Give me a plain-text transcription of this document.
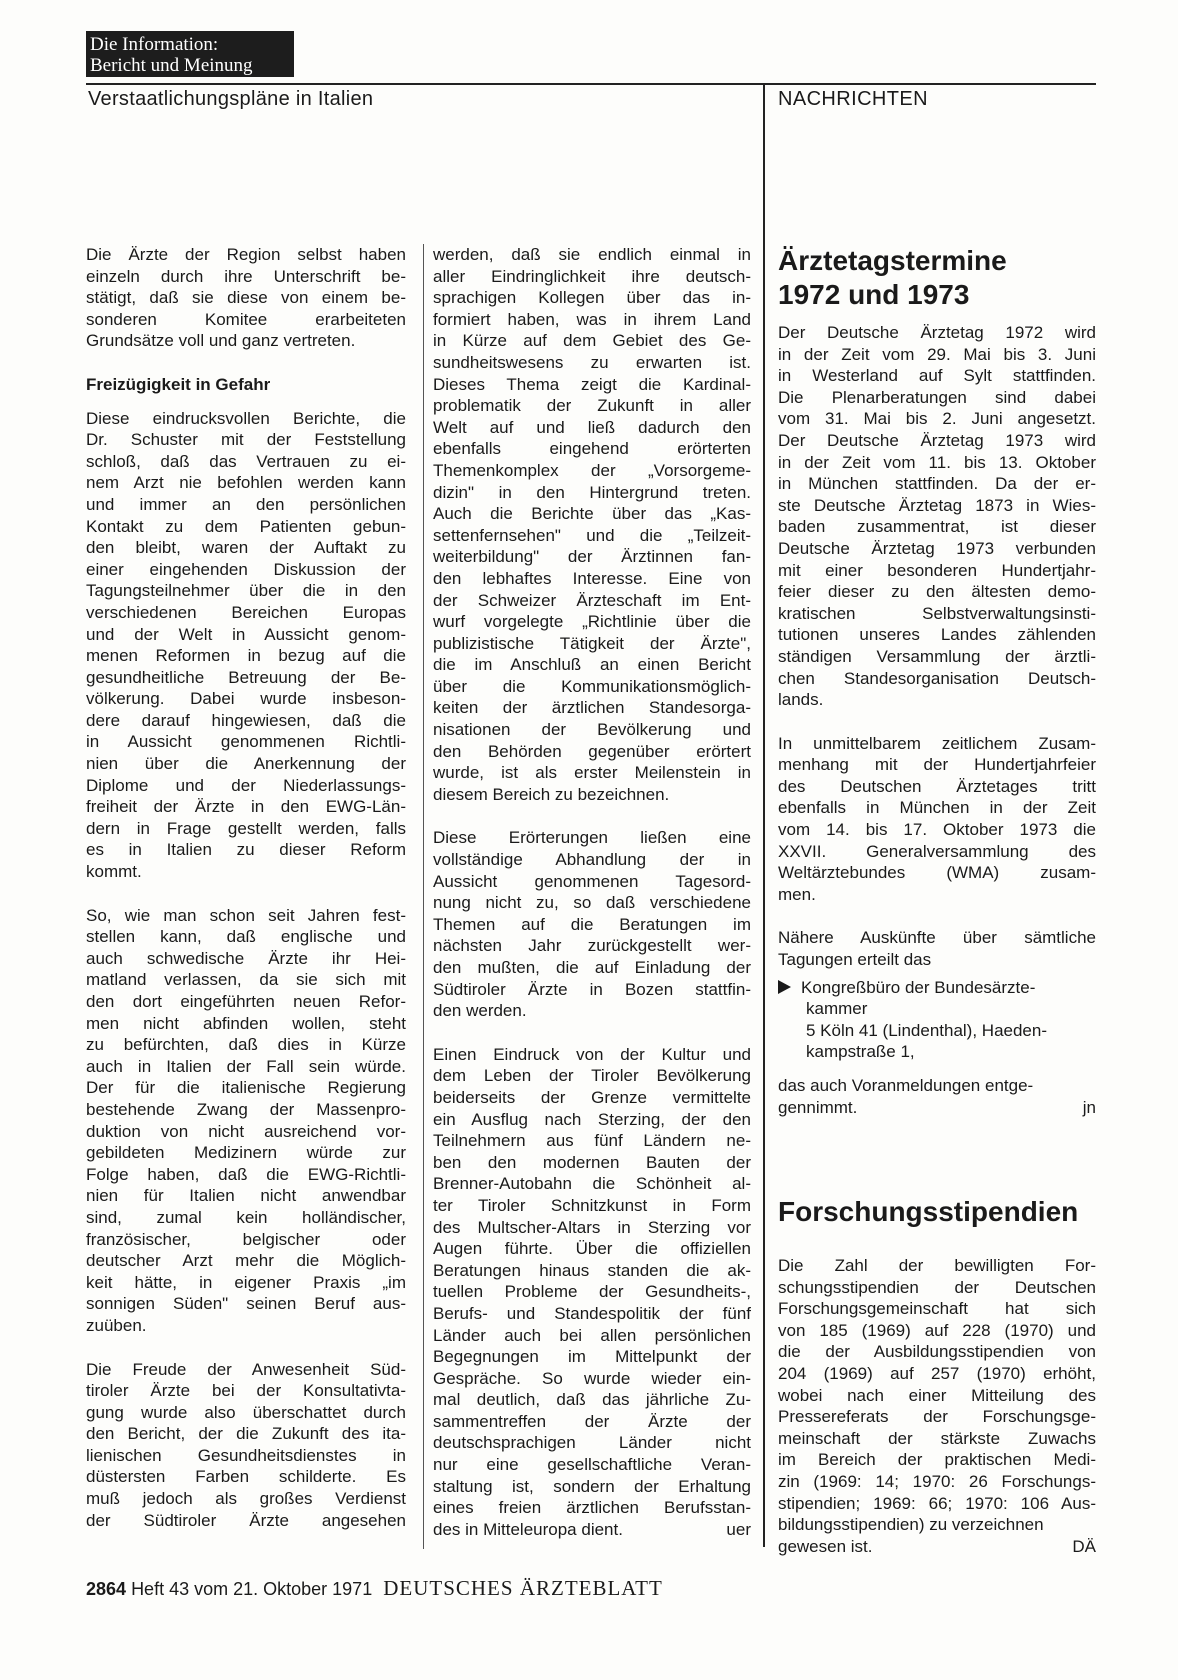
Die Information:
Bericht und Meinung
Verstaatlichungspläne in Italien	NACHRICHTEN
Die Ärzte der Region selbst haben
einzeln durch ihre Unterschrift be-
stätigt, daß sie diese von einem be-
sonderen Komitee erarbeiteten
Grundsätze voll und ganz vertreten.
Freizügigkeit in Gefahr
Diese eindrucksvollen Berichte, die
Dr. Schuster mit der Feststellung
schloß, daß das Vertrauen zu ei-
nem Arzt nie befohlen werden kann
und immer an den persönlichen
Kontakt zu dem Patienten gebun-
den bleibt, waren der Auftakt zu
einer eingehenden Diskussion der
Tagungsteilnehmer über die in den
verschiedenen Bereichen Europas
und der Welt in Aussicht genom-
menen Reformen in bezug auf die
gesundheitliche Betreuung der Be-
völkerung. Dabei wurde insbeson-
dere darauf hingewiesen, daß die
in Aussicht genommenen Richtli-
nien über die Anerkennung der
Diplome und der Niederlassungs-
freiheit der Ärzte in den EWG-Län-
dern in Frage gestellt werden, falls
es in Italien zu dieser Reform
kommt.
So, wie man schon seit Jahren fest-
stellen kann, daß englische und
auch schwedische Ärzte ihr Hei-
matland verlassen, da sie sich mit
den dort eingeführten neuen Refor-
men nicht abfinden wollen, steht
zu befürchten, daß dies in Kürze
auch in Italien der Fall sein würde.
Der für die italienische Regierung
bestehende Zwang der Massenpro-
duktion von nicht ausreichend vor-
gebildeten Medizinern würde zur
Folge haben, daß die EWG-Richtli-
nien für Italien nicht anwendbar
sind, zumal kein holländischer,
französischer, belgischer oder
deutscher Arzt mehr die Möglich-
keit hätte, in eigener Praxis „im
sonnigen Süden" seinen Beruf aus-
zuüben.
Die Freude der Anwesenheit Süd-
tiroler Ärzte bei der Konsultativta-
gung wurde also überschattet durch
den Bericht, der die Zukunft des ita-
lienischen Gesundheitsdienstes in
düstersten Farben schilderte. Es
muß jedoch als großes Verdienst
der Südtiroler Ärzte angesehen
werden, daß sie endlich einmal in
aller Eindringlichkeit ihre deutsch-
sprachigen Kollegen über das in-
formiert haben, was in ihrem Land
in Kürze auf dem Gebiet des Ge-
sundheitswesens zu erwarten ist.
Dieses Thema zeigt die Kardinal-
problematik der Zukunft in aller
Welt auf und ließ dadurch den
ebenfalls eingehend erörterten
Themenkomplex der „Vorsorgeme-
dizin" in den Hintergrund treten.
Auch die Berichte über das „Kas-
settenfernsehen" und die „Teilzeit-
weiterbildung" der Ärztinnen fan-
den lebhaftes Interesse. Eine von
der Schweizer Ärzteschaft im Ent-
wurf vorgelegte „Richtlinie über die
publizistische Tätigkeit der Ärzte",
die im Anschluß an einen Bericht
über die Kommunikationsmöglich-
keiten der ärztlichen Standesorga-
nisationen der Bevölkerung und
den Behörden gegenüber erörtert
wurde, ist als erster Meilenstein in
diesem Bereich zu bezeichnen.
Diese Erörterungen ließen eine
vollständige Abhandlung der in
Aussicht genommenen Tagesord-
nung nicht zu, so daß verschiedene
Themen auf die Beratungen im
nächsten Jahr zurückgestellt wer-
den mußten, die auf Einladung der
Südtiroler Ärzte in Bozen stattfin-
den werden.
Einen Eindruck von der Kultur und
dem Leben der Tiroler Bevölkerung
beiderseits der Grenze vermittelte
ein Ausflug nach Sterzing, der den
Teilnehmern aus fünf Ländern ne-
ben den modernen Bauten der
Brenner-Autobahn die Schönheit al-
ter Tiroler Schnitzkunst in Form
des Multscher-Altars in Sterzing vor
Augen führte. Über die offiziellen
Beratungen hinaus standen die ak-
tuellen Probleme der Gesundheits-,
Berufs- und Standespolitik der fünf
Länder auch bei allen persönlichen
Begegnungen im Mittelpunkt der
Gespräche. So wurde wieder ein-
mal deutlich, daß das jährliche Zu-
sammentreffen der Ärzte der
deutschsprachigen Länder nicht
nur eine gesellschaftliche Veran-
staltung ist, sondern der Erhaltung
eines freien ärztlichen Berufsstan-
des in Mitteleuropa dient.	uer
Ärztetagstermine
1972 und 1973
Der Deutsche Ärztetag 1972 wird
in der Zeit vom 29. Mai bis 3. Juni
in Westerland auf Sylt stattfinden.
Die Plenarberatungen sind dabei
vom 31. Mai bis 2. Juni angesetzt.
Der Deutsche Ärztetag 1973 wird
in der Zeit vom 11. bis 13. Oktober
in München stattfinden. Da der er-
ste Deutsche Ärztetag 1873 in Wies-
baden zusammentrat, ist dieser
Deutsche Ärztetag 1973 verbunden
mit einer besonderen Hundertjahr-
feier dieser zu den ältesten demo-
kratischen Selbstverwaltungsinsti-
tutionen unseres Landes zählenden
ständigen Versammlung der ärztli-
chen Standesorganisation Deutsch-
lands.
In unmittelbarem zeitlichem Zusam-
menhang mit der Hundertjahrfeier
des Deutschen Ärztetages tritt
ebenfalls in München in der Zeit
vom 14. bis 17. Oktober 1973 die
XXVII. Generalversammlung des
Weltärztebundes (WMA) zusam-
men.
Nähere Auskünfte über sämtliche
Tagungen erteilt das
Kongreßbüro der Bundesärzte-
kammer
5 Köln 41 (Lindenthal), Haeden-
kampstraße 1,
das auch Voranmeldungen entge-
gennimmt.	jn
Forschungsstipendien
Die Zahl der bewilligten For-
schungsstipendien der Deutschen
Forschungsgemeinschaft hat sich
von 185 (1969) auf 228 (1970) und
die der Ausbildungsstipendien von
204 (1969) auf 257 (1970) erhöht,
wobei nach einer Mitteilung des
Pressereferats der Forschungsge-
meinschaft der stärkste Zuwachs
im Bereich der praktischen Medi-
zin (1969: 14; 1970: 26 Forschungs-
stipendien; 1969: 66; 1970: 106 Aus-
bildungsstipendien) zu verzeichnen
gewesen ist.	DÄ
2864 Heft 43 vom 21. Oktober 1971 DEUTSCHES ÄRZTEBLATT
